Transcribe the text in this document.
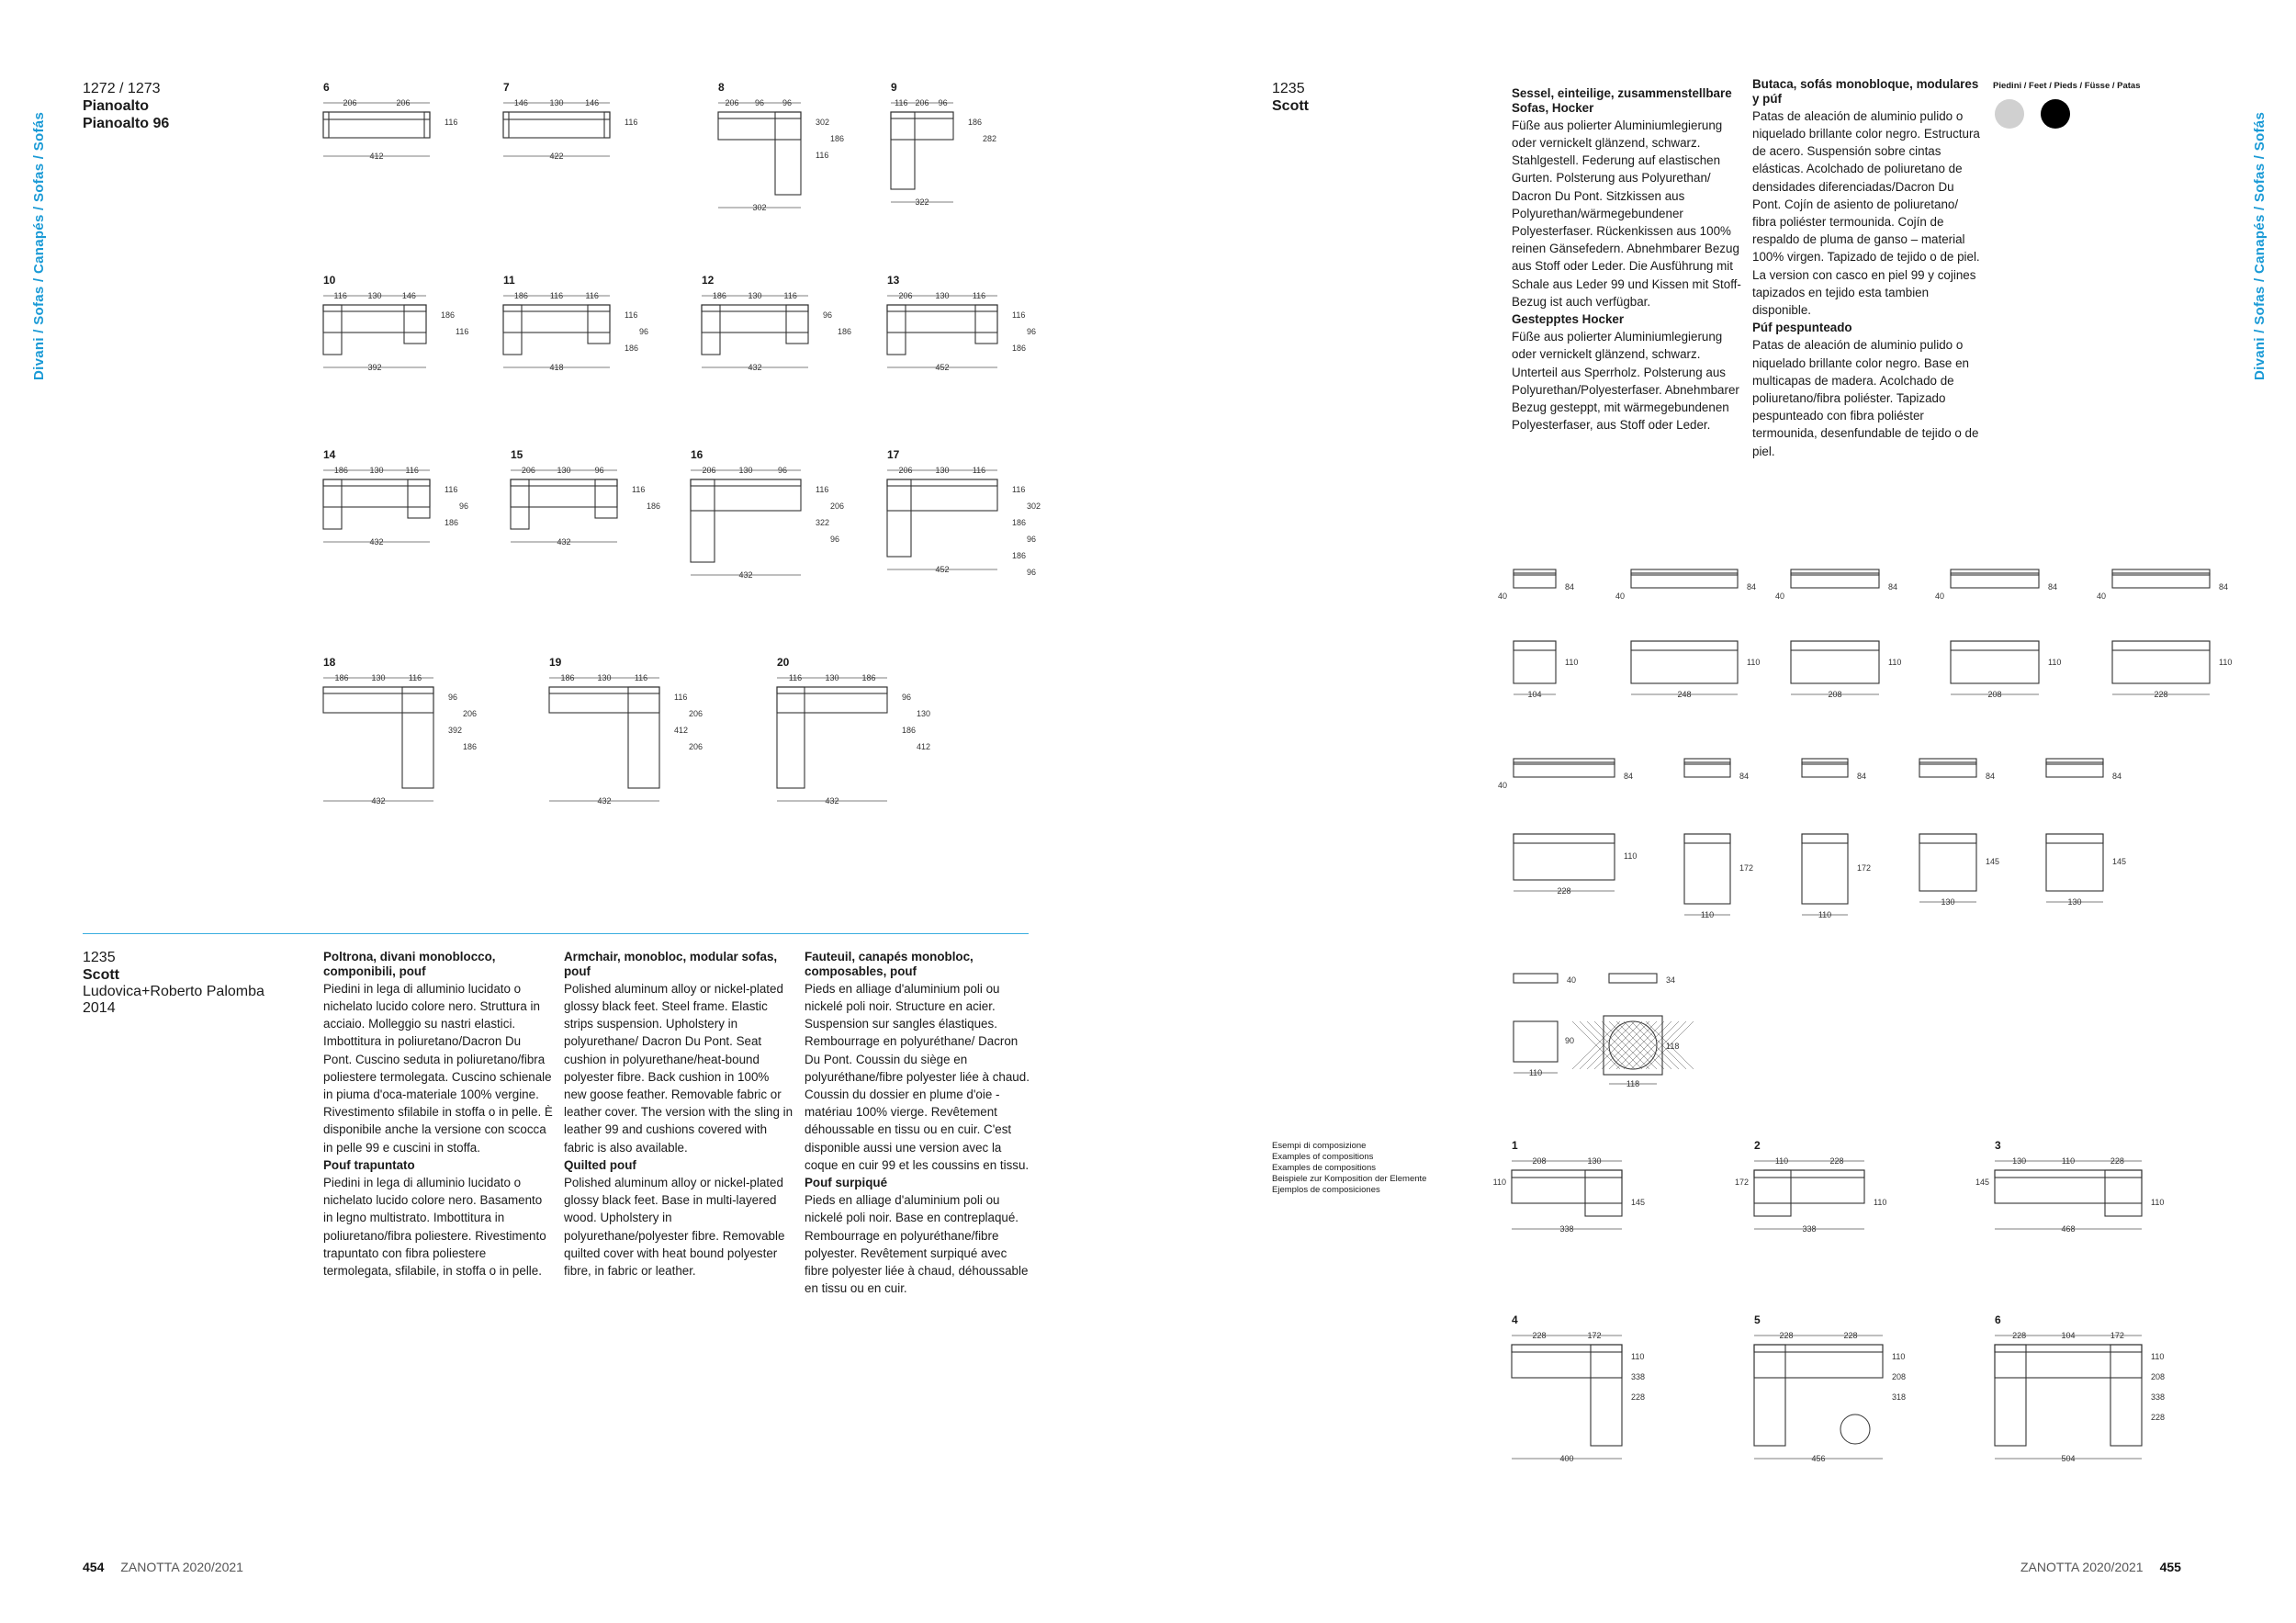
Divani / Sofas / Canapés / Sofas / Sofás	Divani / Sofas / Canapés / Sofas / Sofás
1272 / 1273
Pianoalto
Pianoalto 96
6
206	206
116
412
7
146	130	146
116
422
8
206 96 96
302
186
116
302
9
116 206 96
186
282
322
10
116	130 146
186
116
392
11
186	116	116
116
96
186
418
12
186	130	116
96
186
432
13
206	130	116
116
96
186
452
14
186	130	116
116
96
186
432
15
206	130	96
116
186
432
16
206	130	96
116
206
322
96
432
17
206	130	116
116
302
186
96
186
96
452
18
186	130	116
96
206
392
186
432
19
186	130	116
116
206
412
206
432
20
116	130	186
96
130
186
412
432
1235
Scott
Ludovica+Roberto Palomba
2014
Poltrona, divani monoblocco, componibili, pouf

Piedini in lega di alluminio lucidato o nichelato lucido colore nero. Struttura in acciaio. Molleggio su nastri elastici. Imbottitura in poliuretano/Dacron Du Pont. Cuscino seduta in poliuretano/fibra poliestere termolegata. Cuscino schienale in piuma d'oca-materiale 100% vergine. Rivestimento sfilabile in stoffa o in pelle. È disponibile anche la versione con scocca in pelle 99 e cuscini in stoffa.

Pouf trapuntato

Piedini in lega di alluminio lucidato o nichelato lucido colore nero. Basamento in legno multistrato. Imbottitura in poliuretano/fibra poliestere. Rivestimento trapuntato con fibra poliestere termolegata, sfilabile, in stoffa o in pelle.

Armchair, monobloc, modular sofas, pouf

Polished aluminum alloy or nickel-plated glossy black feet. Steel frame. Elastic strips suspension. Upholstery in polyurethane/ Dacron Du Pont. Seat cushion in polyurethane/heat-bound polyester fibre. Back cushion in 100% new goose feather. Removable fabric or leather cover. The version with the sling in leather 99 and cushions covered with fabric is also available.

Quilted pouf

Polished aluminum alloy or nickel-plated glossy black feet. Base in multi-layered wood. Upholstery in polyurethane/polyester fibre. Removable quilted cover with heat bound polyester fibre, in fabric or leather.

Fauteuil, canapés monobloc, composables, pouf

Pieds en alliage d'aluminium poli ou nickelé poli noir. Structure en acier. Suspension sur sangles élastiques. Rembourrage en polyuréthane/ Dacron Du Pont. Coussin du siège en polyuréthane/fibre polyester liée à chaud. Coussin du dossier en plume d'oie - matériau 100% vierge. Revêtement déhoussable en tissu ou en cuir. C'est disponible aussi une version avec la coque en cuir 99 et les coussins en tissu.

Pouf surpiqué

Pieds en alliage d'aluminium poli ou nickelé poli noir. Base en contreplaqué. Rembourrage en polyuréthane/fibre polyester. Revêtement surpiqué avec fibre polyester liée à chaud, déhoussable en tissu ou en cuir.

1235
Scott
Sessel, einteilige, zusammenstellbare Sofas, Hocker

Füße aus polierter Aluminiumlegierung oder vernickelt glänzend, schwarz. Stahlgestell. Federung auf elastischen Gurten. Polsterung aus Polyurethan/ Dacron Du Pont. Sitzkissen aus Polyurethan/wärmegebundener Polyesterfaser. Rückenkissen aus 100% reinen Gänsefedern. Abnehmbarer Bezug aus Stoff oder Leder. Die Ausführung mit Schale aus Leder 99 und Kissen mit Stoff-Bezug ist auch verfügbar.

Gestepptes Hocker

Füße aus polierter Aluminiumlegierung oder vernickelt glänzend, schwarz. Unterteil aus Sperrholz. Polsterung aus Polyurethan/Polyesterfaser. Abnehmbarer Bezug gesteppt, mit wärmegebundenen Polyesterfaser, aus Stoff oder Leder.

Butaca, sofás monobloque, modulares y púf

Patas de aleación de aluminio pulido o niquelado brillante color negro. Estructura de acero. Suspensión sobre cintas elásticas. Acolchado de poliuretano de densidades diferenciadas/Dacron Du Pont. Cojín de asiento de poliuretano/ fibra poliéster termounida. Cojín de respaldo de pluma de ganso – material 100% virgen. Tapizado de tejido o de piel. La version con casco en piel 99 y cojines tapizados en tejido esta tambien disponible.

Púf pespunteado

Patas de aleación de aluminio pulido o niquelado brillante color negro. Base en multicapas de madera. Acolchado de poliuretano/fibra poliéster. Tapizado pespunteado con fibra poliéster termounida, desenfundable de tejido o de piel.

Piedini / Feet / Pieds / Füsse / Patas
40
84
40
84
40
84
40
84
40
84
110
104
110
248
110
208
110
208
110
228
40
84	84	84	84	84
110
228
172
110
172
110
145
130
145
130
40	34
90
110
118
118
Esempi di composizione
Examples of compositions
Examples de compositions
Beispiele zur Komposition der Elemente
Ejemplos de composiciones
1
208	130
110
145
338
2
110	228
172
110
338
3
130	110	228
145
110
468
4
228	172
110
338
228
400
5
228	228
110
208
318
456
6
228	104	172
110
208
338
228
504
454 ZANOTTA 2020/2021	ZANOTTA 2020/2021 455
